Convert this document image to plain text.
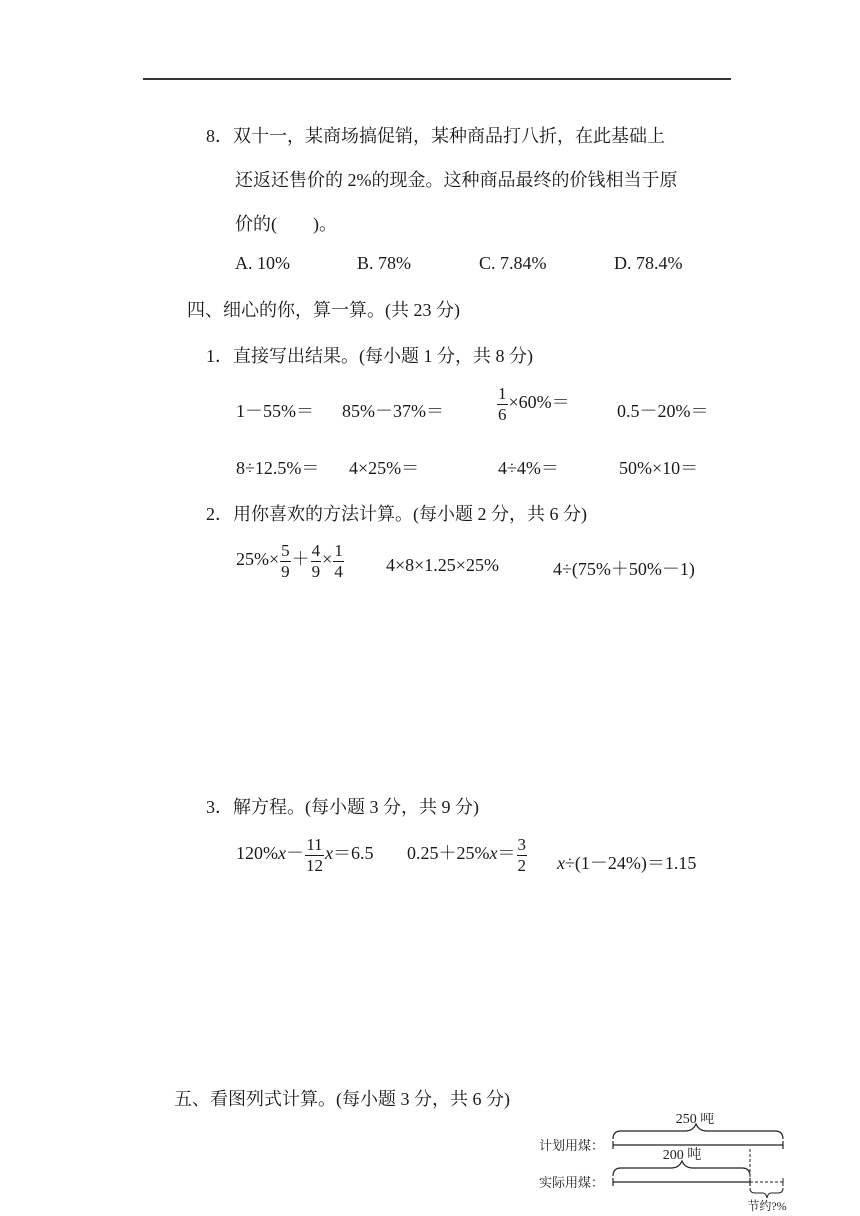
8．双十一，某商场搞促销，某种商品打八折，在此基础上
还返还售价的 2%的现金。这种商品最终的价钱相当于原
价的(　　)。
A. 10%	B. 78%	C. 7.84%	D. 78.4%
四、细心的你，算一算。(共 23 分)
1．直接写出结果。(每小题 1 分，共 8 分)
1－55%＝ 85%－37%＝	$\frac{1}{6} \times 60\%=$	0.5－20%＝
8÷12.5%＝ 4×25%＝	4÷4%＝	50%×10＝
2．用你喜欢的方法计算。(每小题 2 分，共 6 分)
$25\%\times \frac{5}{9} + \frac{4}{9} \times \frac{1}{4} 4\times 8\times 1.25\times 25\%$	4÷(75%＋50%－1)
3．解方程。(每小题 3 分，共 9 分)
$120\%x- \frac{11}{12} x=6.5$ $0.25+25\%x= \frac{3}{2} x\div(1-24\%)=1.15$
五、看图列式计算。(每小题 3 分，共 6 分)
250 吨
计划用煤：
200 吨
实际用煤：
节约?%
